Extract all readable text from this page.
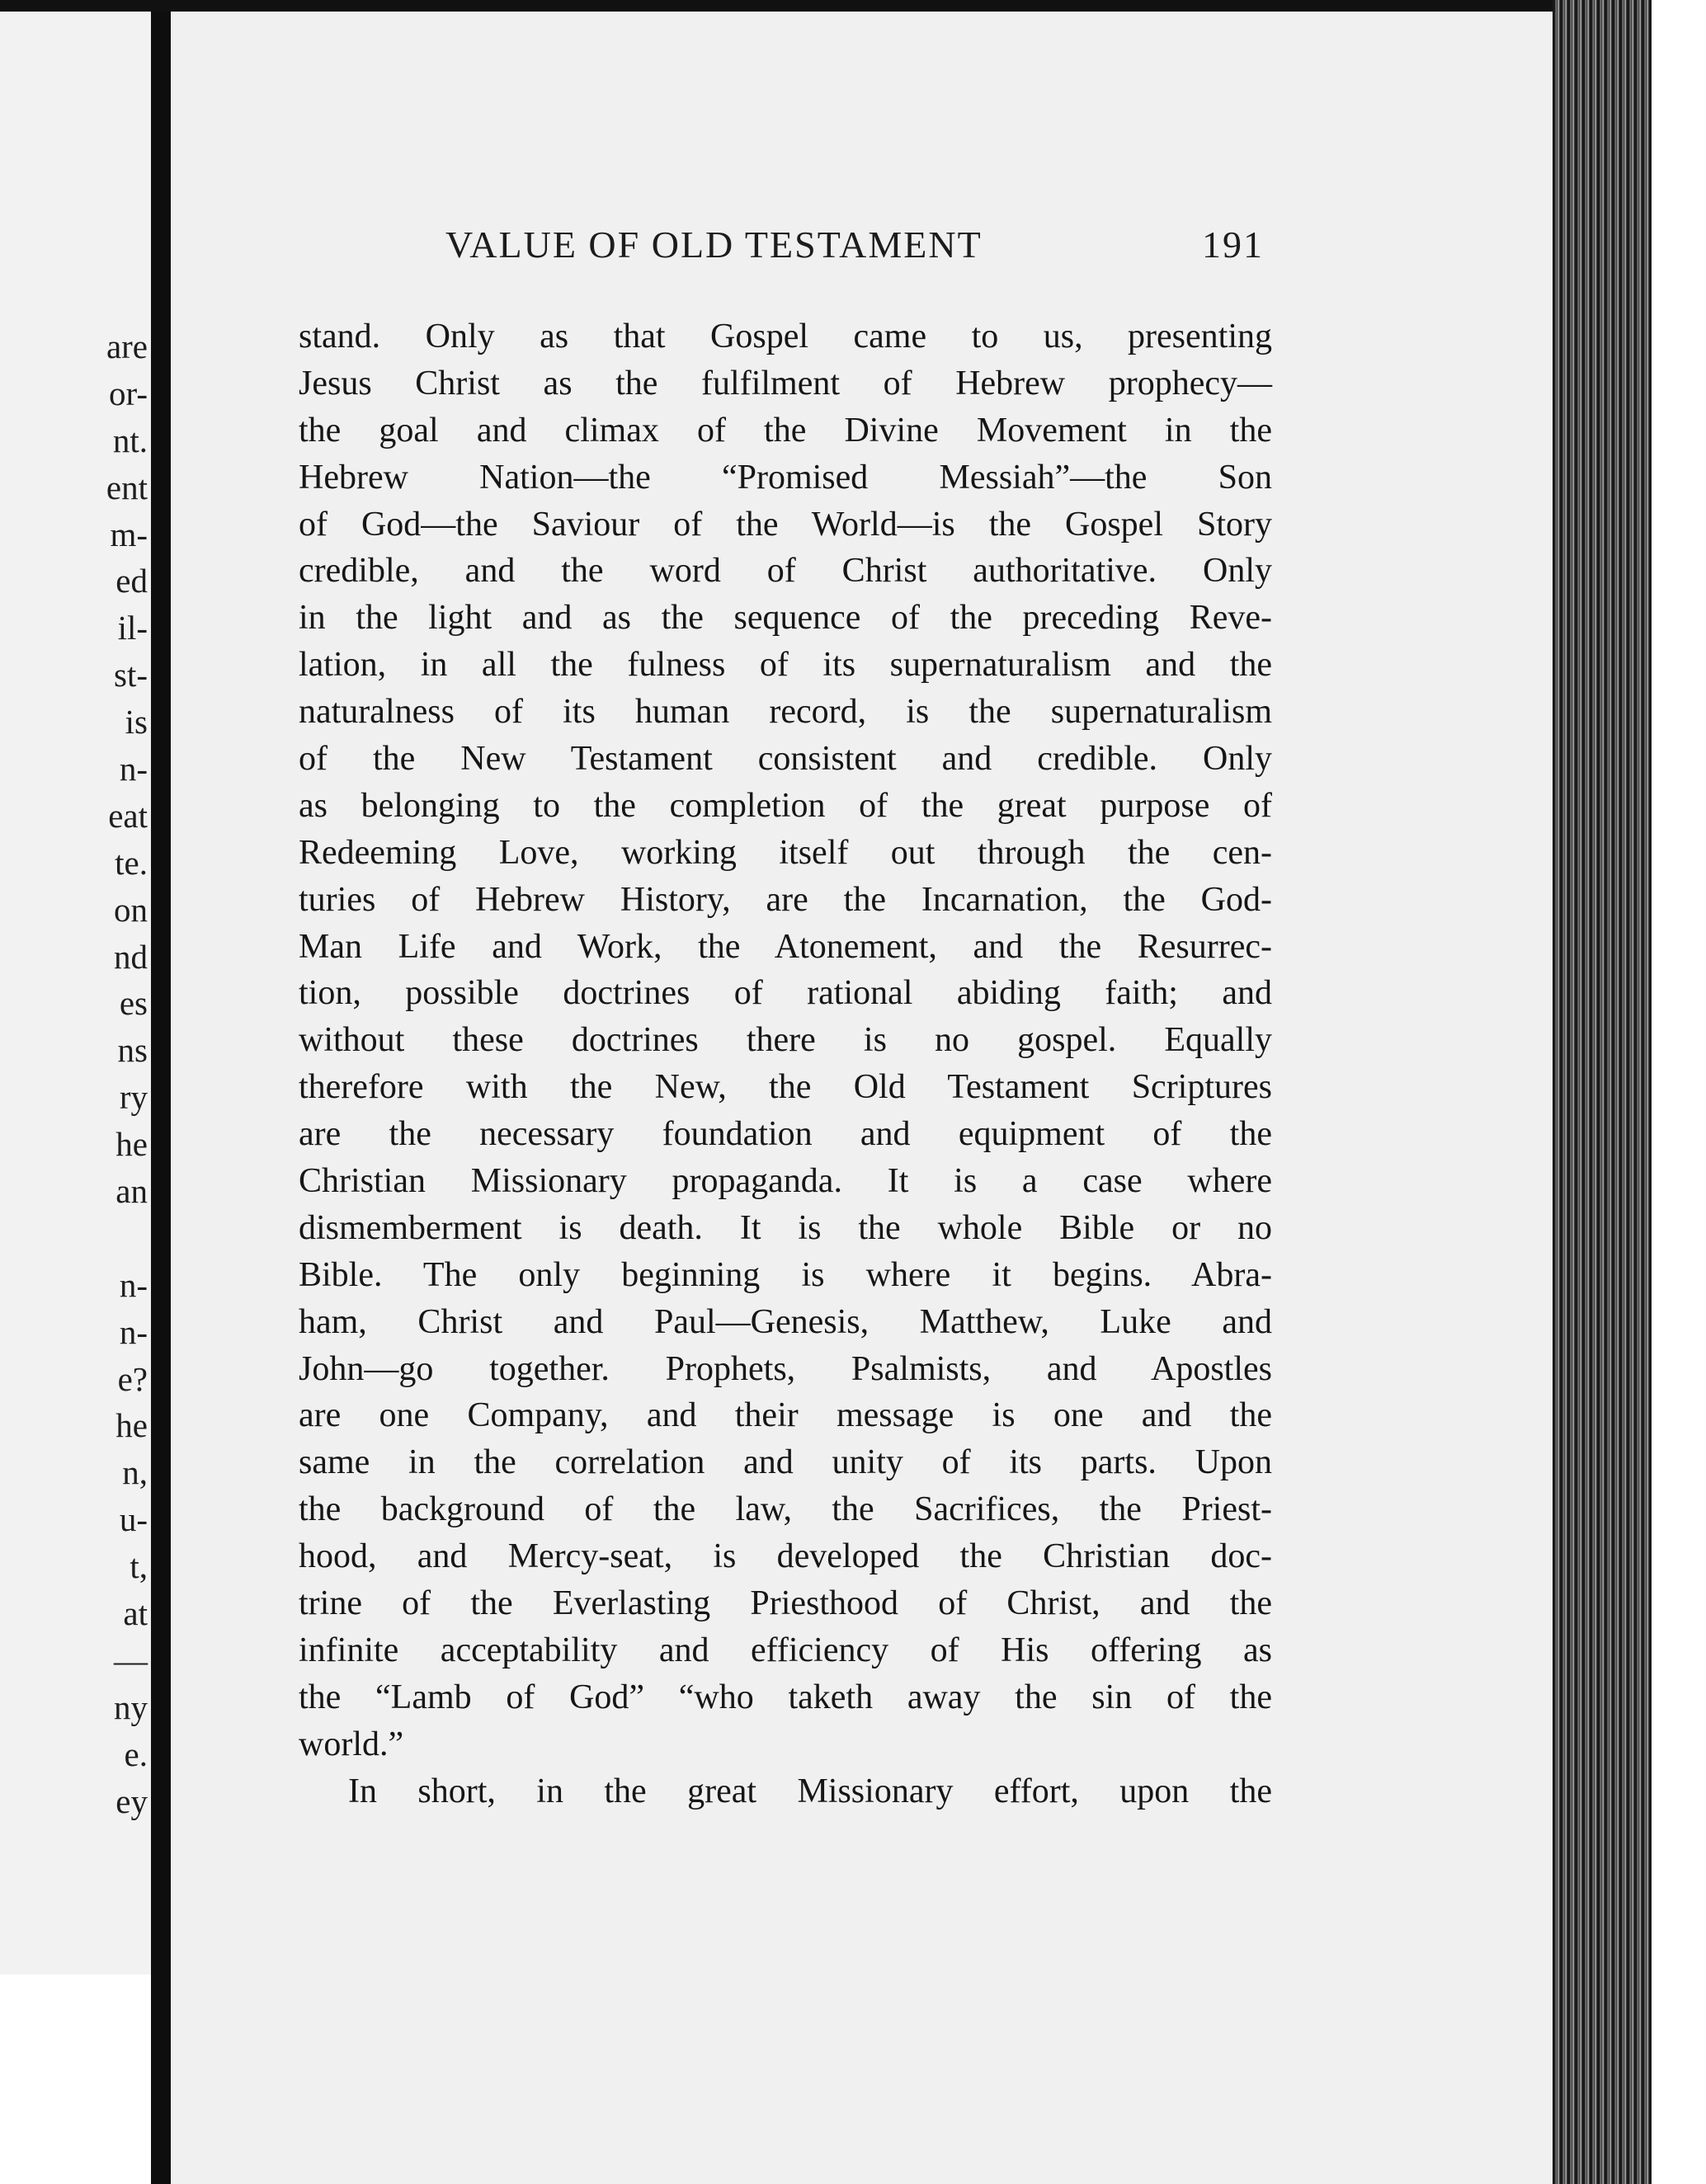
are
or-
nt.
ent
m-
ed
il-
st-
is
n-
eat
te.
on
nd
es
ns
ry
he
an
n-
n-
e?
he
n,
u-
t,
at
—
ny
e.
ey
VALUE OF OLD TESTAMENT	191
stand. Only as that Gospel came to us, presenting
Jesus Christ as the fulfilment of Hebrew prophecy—
the goal and climax of the Divine Movement in the
Hebrew Nation—the “Promised Messiah”—the Son
of God—the Saviour of the World—is the Gospel Story
credible, and the word of Christ authoritative. Only
in the light and as the sequence of the preceding Reve-
lation, in all the fulness of its supernaturalism and the
naturalness of its human record, is the supernaturalism
of the New Testament consistent and credible. Only
as belonging to the completion of the great purpose of
Redeeming Love, working itself out through the cen-
turies of Hebrew History, are the Incarnation, the God-
Man Life and Work, the Atonement, and the Resurrec-
tion, possible doctrines of rational abiding faith; and
without these doctrines there is no gospel. Equally
therefore with the New, the Old Testament Scriptures
are the necessary foundation and equipment of the
Christian Missionary propaganda. It is a case where
dismemberment is death. It is the whole Bible or no
Bible. The only beginning is where it begins. Abra-
ham, Christ and Paul—Genesis, Matthew, Luke and
John—go together. Prophets, Psalmists, and Apostles
are one Company, and their message is one and the
same in the correlation and unity of its parts. Upon
the background of the law, the Sacrifices, the Priest-
hood, and Mercy-seat, is developed the Christian doc-
trine of the Everlasting Priesthood of Christ, and the
infinite acceptability and efficiency of His offering as
the “Lamb of God” “who taketh away the sin of the
world.”
In short, in the great Missionary effort, upon the
